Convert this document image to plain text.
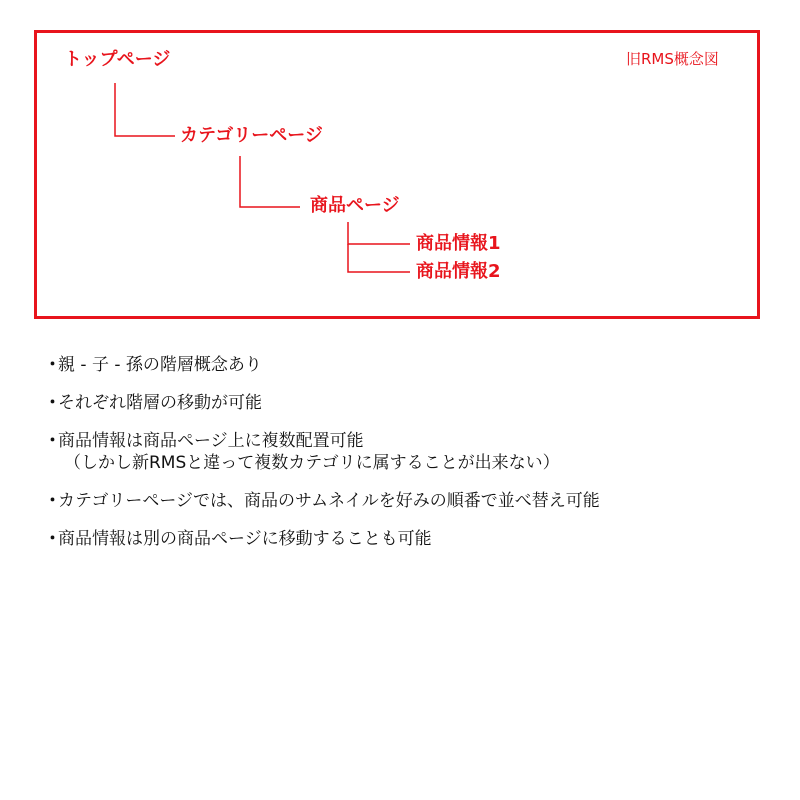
旧RMS概念図
トップページ
カテゴリーページ
商品ページ
商品情報1
商品情報2
・
親 - 子 - 孫の階層概念あり
・
それぞれ階層の移動が可能
・
商品情報は商品ページ上に複数配置可能
（しかし新RMSと違って複数カテゴリに属することが出来ない）
・
カテゴリーページでは、商品のサムネイルを好みの順番で並べ替え可能
・
商品情報は別の商品ページに移動することも可能
